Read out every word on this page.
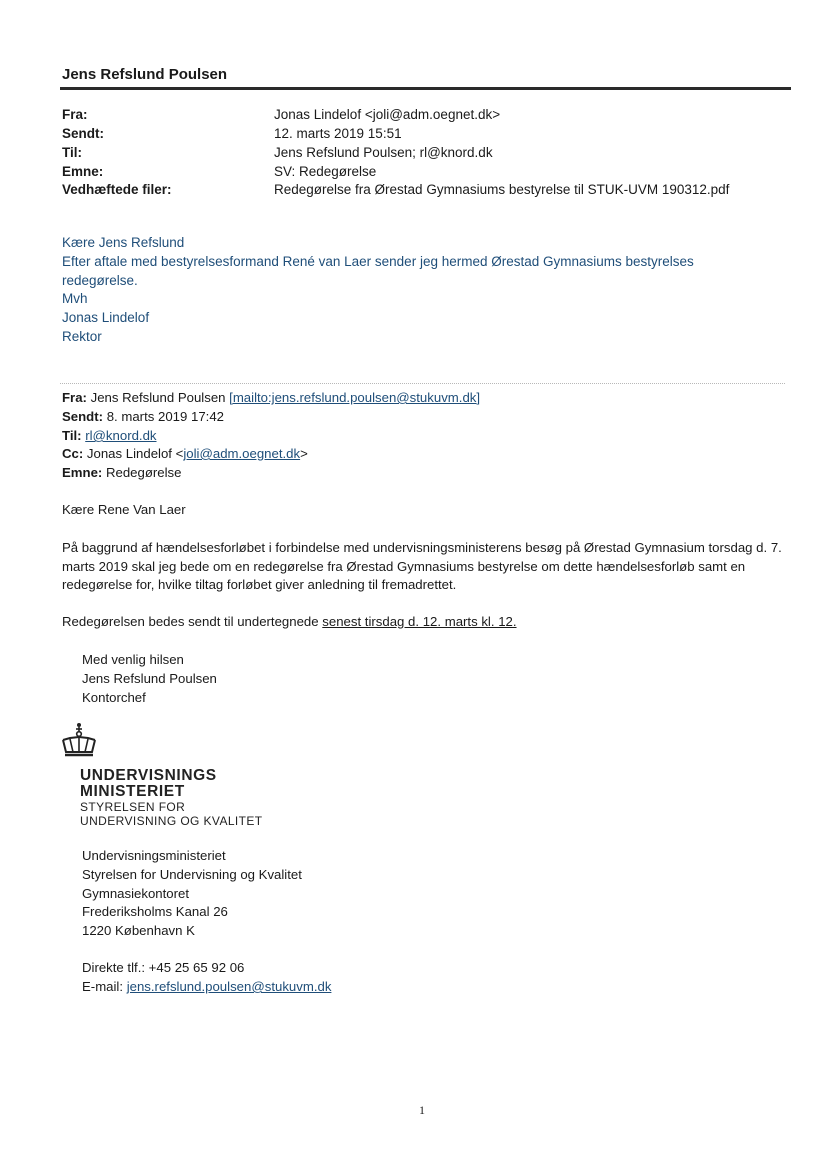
Jens Refslund Poulsen
Fra:
Sendt:
Til:
Emne:
Vedhæftede filer:
Jonas Lindelof <joli@adm.oegnet.dk>
12. marts 2019 15:51
Jens Refslund Poulsen; rl@knord.dk
SV: Redegørelse
Redegørelse fra Ørestad Gymnasiums bestyrelse til STUK-UVM 190312.pdf
Kære Jens Refslund
Efter aftale med bestyrelsesformand René van Laer sender jeg hermed Ørestad Gymnasiums bestyrelses redegørelse.
Mvh
Jonas Lindelof
Rektor
Fra: Jens Refslund Poulsen [mailto:jens.refslund.poulsen@stukuvm.dk]
Sendt: 8. marts 2019 17:42
Til: rl@knord.dk
Cc: Jonas Lindelof <joli@adm.oegnet.dk>
Emne: Redegørelse
Kære Rene Van Laer
På baggrund af hændelsesforløbet i forbindelse med undervisningsministerens besøg på Ørestad Gymnasium torsdag d. 7. marts 2019 skal jeg bede om en redegørelse fra Ørestad Gymnasiums bestyrelse om dette hændelsesforløb samt en redegørelse for, hvilke tiltag forløbet giver anledning til fremadrettet.
Redegørelsen bedes sendt til undertegnede senest tirsdag d. 12. marts kl. 12.
Med venlig hilsen
Jens Refslund Poulsen
Kontorchef
UNDERVISNINGS
MINISTERIET
STYRELSEN FOR
UNDERVISNING OG KVALITET
Undervisningsministeriet
Styrelsen for Undervisning og Kvalitet
Gymnasiekontoret
Frederiksholms Kanal 26
1220 København K
Direkte tlf.: +45 25 65 92 06
E-mail: jens.refslund.poulsen@stukuvm.dk
1
